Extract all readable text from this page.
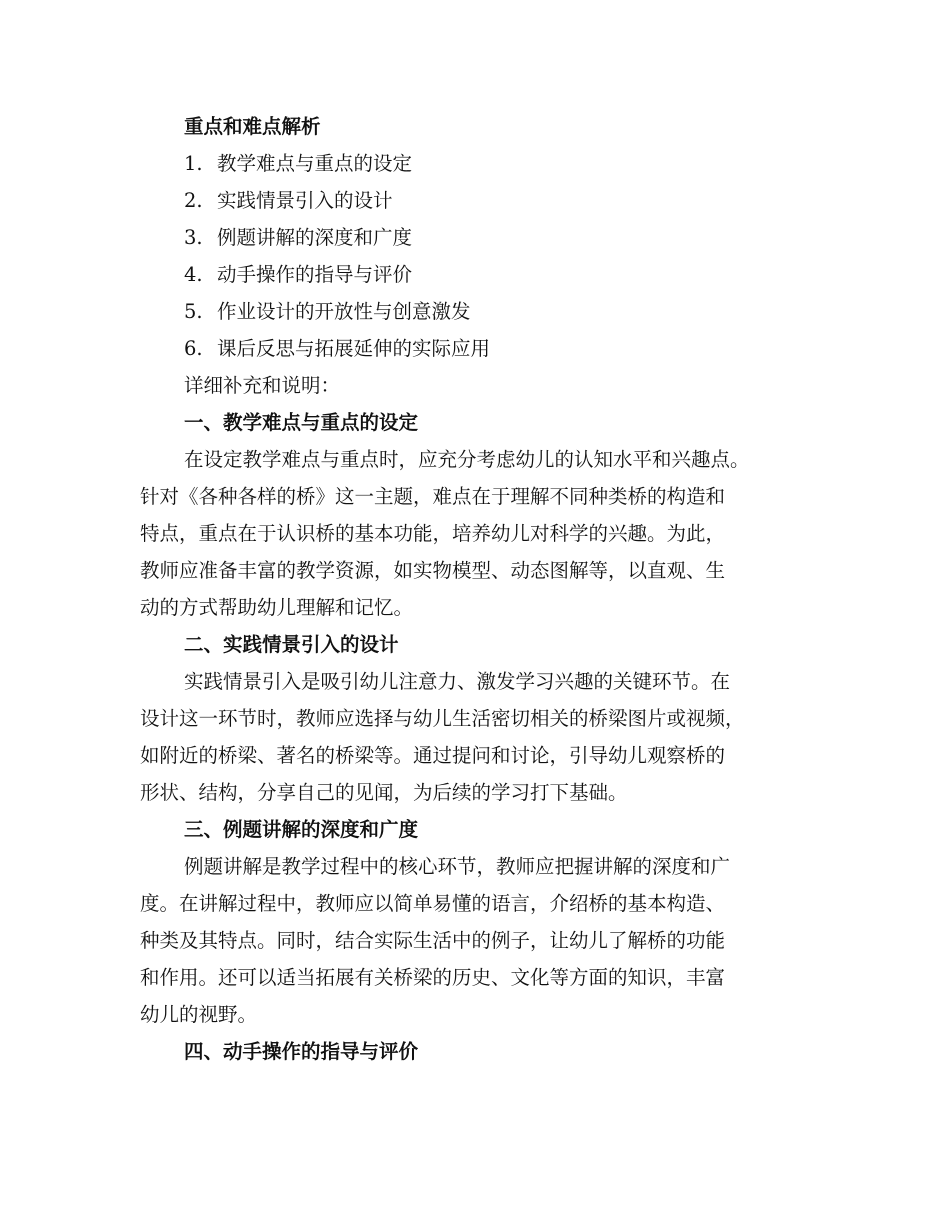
重点和难点解析
1. 教学难点与重点的设定
2. 实践情景引入的设计
3. 例题讲解的深度和广度
4. 动手操作的指导与评价
5. 作业设计的开放性与创意激发
6. 课后反思与拓展延伸的实际应用
详细补充和说明：
一、教学难点与重点的设定
在设定教学难点与重点时，应充分考虑幼儿的认知水平和兴趣点。
针对《各种各样的桥》这一主题，难点在于理解不同种类桥的构造和
特点，重点在于认识桥的基本功能，培养幼儿对科学的兴趣。为此，
教师应准备丰富的教学资源，如实物模型、动态图解等，以直观、生
动的方式帮助幼儿理解和记忆。
二、实践情景引入的设计
实践情景引入是吸引幼儿注意力、激发学习兴趣的关键环节。在
设计这一环节时，教师应选择与幼儿生活密切相关的桥梁图片或视频，
如附近的桥梁、著名的桥梁等。通过提问和讨论，引导幼儿观察桥的
形状、结构，分享自己的见闻，为后续的学习打下基础。
三、例题讲解的深度和广度
例题讲解是教学过程中的核心环节，教师应把握讲解的深度和广
度。在讲解过程中，教师应以简单易懂的语言，介绍桥的基本构造、
种类及其特点。同时，结合实际生活中的例子，让幼儿了解桥的功能
和作用。还可以适当拓展有关桥梁的历史、文化等方面的知识，丰富
幼儿的视野。
四、动手操作的指导与评价
